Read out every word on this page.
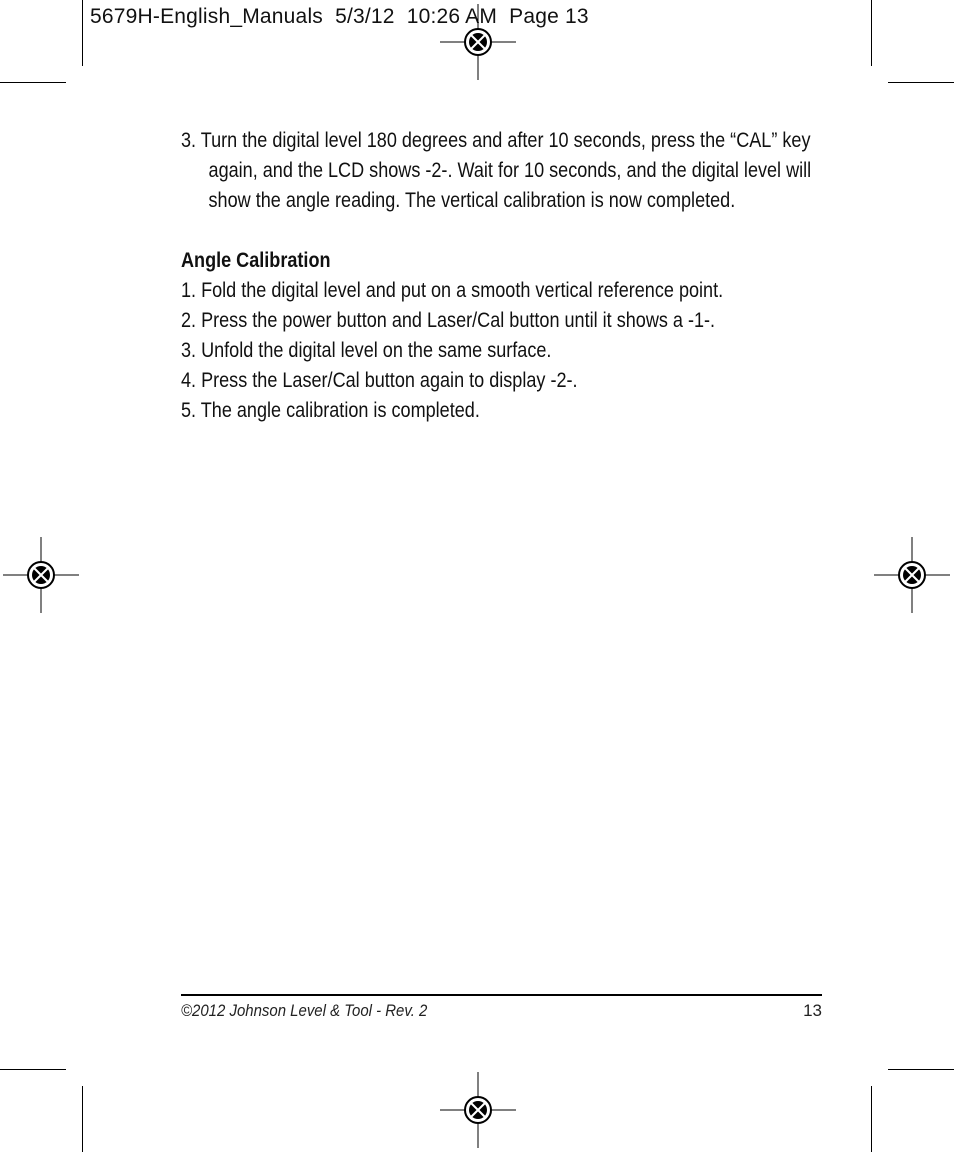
5679H-English_Manuals  5/3/12  10:26 AM  Page 13

3. Turn the digital level 180 degrees and after 10 seconds, press the “CAL” key again, and the LCD shows -2-. Wait for 10 seconds, and the digital level will show the angle reading. The vertical calibration is now completed.

Angle Calibration

1. Fold the digital level and put on a smooth vertical reference point.
2. Press the power button and Laser/Cal button until it shows a -1-.
3. Unfold the digital level on the same surface.
4. Press the Laser/Cal button again to display -2-.
5. The angle calibration is completed.
©2012 Johnson Level & Tool - Rev. 2	13
